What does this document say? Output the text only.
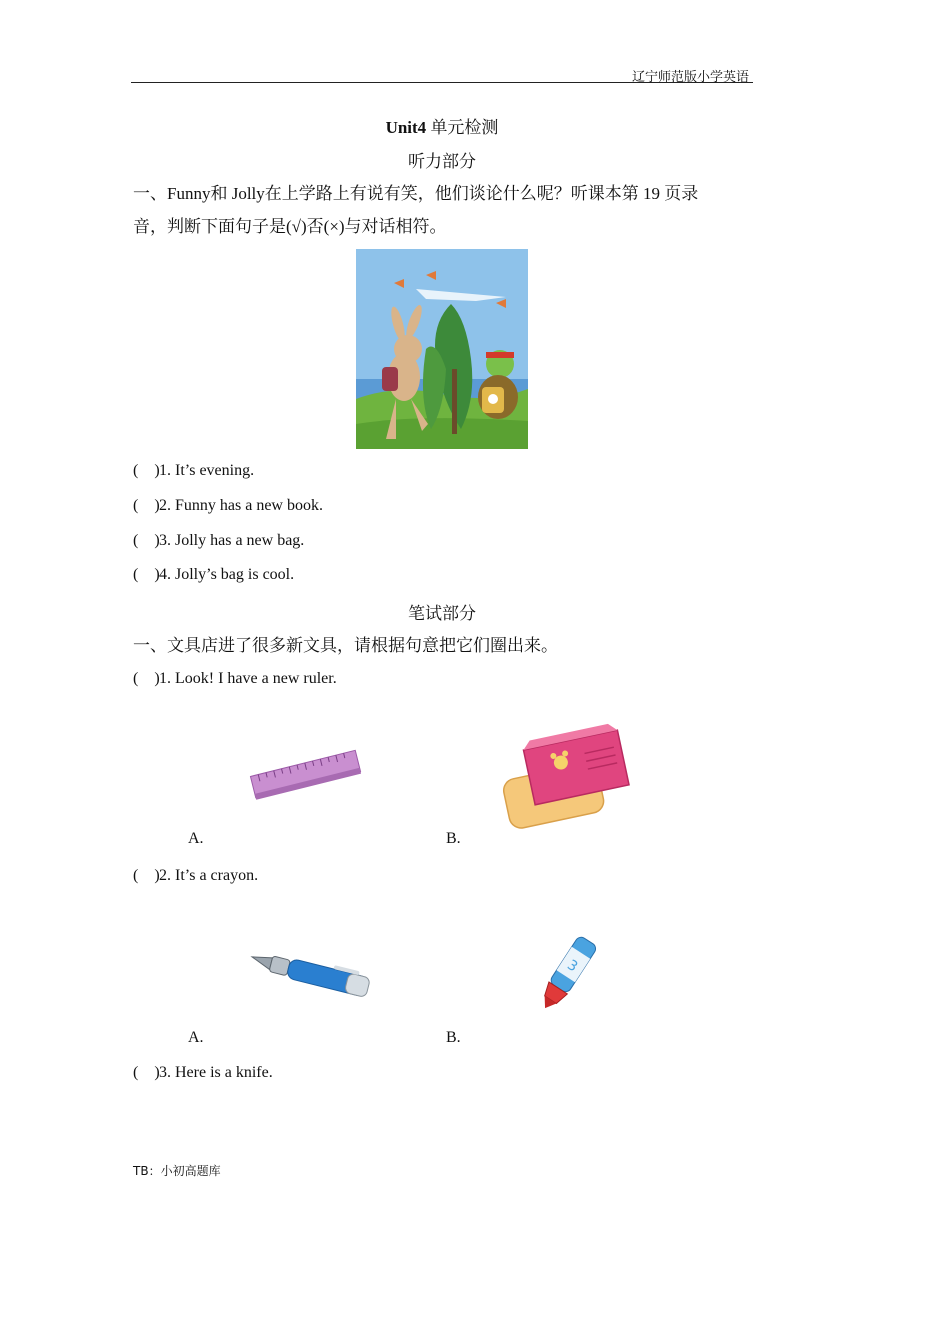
辽宁师范版小学英语
Unit4 单元检测
听力部分
一、Funny和 Jolly在上学路上有说有笑，他们谈论什么呢？听课本第 19 页录
音，判断下面句子是(√)否(×)与对话相符。
(    )1. It’s evening.
(    )2. Funny has a new book.
(    )3. Jolly has a new bag.
(    )4. Jolly’s bag is cool.
笔试部分
一、文具店进了很多新文具，请根据句意把它们圈出来。
(    )1. Look! I have a new ruler.
A.	B.
(    )2. It’s a crayon.
3
A.	B.
(    )3. Here is a knife.
TB：小初高题库
